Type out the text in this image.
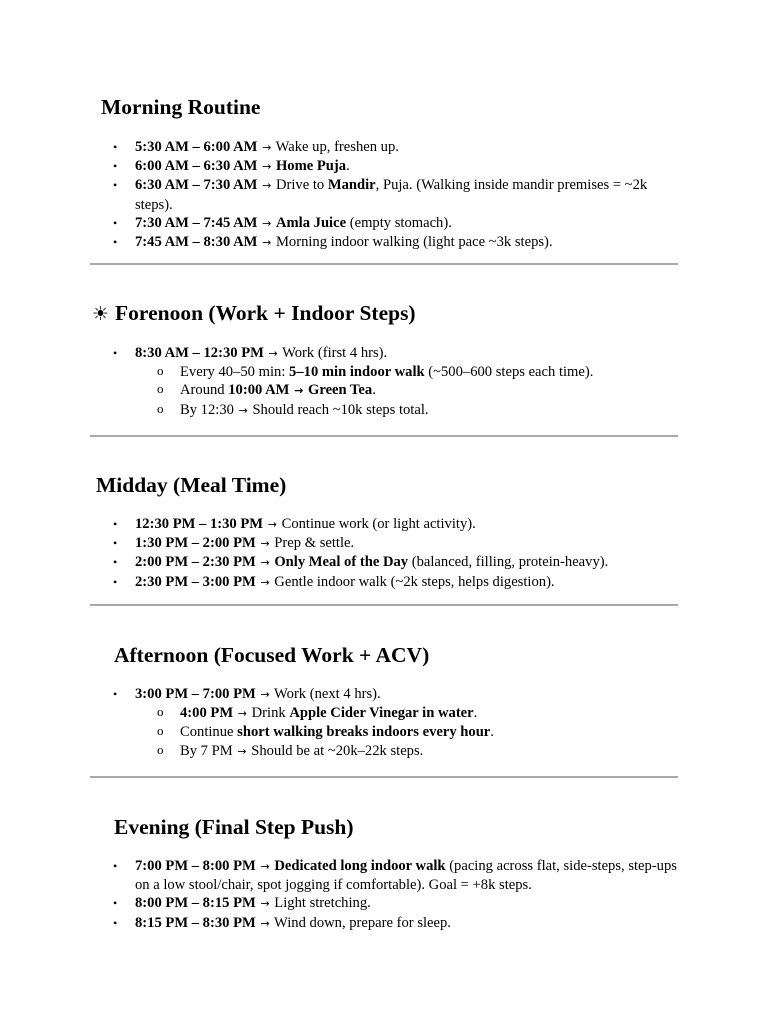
Morning Routine
• 5:30 AM – 6:00 AM → Wake up, freshen up.
• 6:00 AM – 6:30 AM → Home Puja.
• 6:30 AM – 7:30 AM → Drive to Mandir, Puja. (Walking inside mandir premises = ~2k steps).
• 7:30 AM – 7:45 AM → Amla Juice (empty stomach).
• 7:45 AM – 8:30 AM → Morning indoor walking (light pace ~3k steps).
☀ Forenoon (Work + Indoor Steps)
• 8:30 AM – 12:30 PM → Work (first 4 hrs).
o Every 40–50 min: 5–10 min indoor walk (~500–600 steps each time).
o Around 10:00 AM → Green Tea.
o By 12:30 → Should reach ~10k steps total.
Midday (Meal Time)
• 12:30 PM – 1:30 PM → Continue work (or light activity).
• 1:30 PM – 2:00 PM → Prep & settle.
• 2:00 PM – 2:30 PM → Only Meal of the Day (balanced, filling, protein-heavy).
• 2:30 PM – 3:00 PM → Gentle indoor walk (~2k steps, helps digestion).
Afternoon (Focused Work + ACV)
• 3:00 PM – 7:00 PM → Work (next 4 hrs).
o 4:00 PM → Drink Apple Cider Vinegar in water.
o Continue short walking breaks indoors every hour.
o By 7 PM → Should be at ~20k–22k steps.
Evening (Final Step Push)
• 7:00 PM – 8:00 PM → Dedicated long indoor walk (pacing across flat, side-steps, step-ups on a low stool/chair, spot jogging if comfortable). Goal = +8k steps.
• 8:00 PM – 8:15 PM → Light stretching.
• 8:15 PM – 8:30 PM → Wind down, prepare for sleep.
